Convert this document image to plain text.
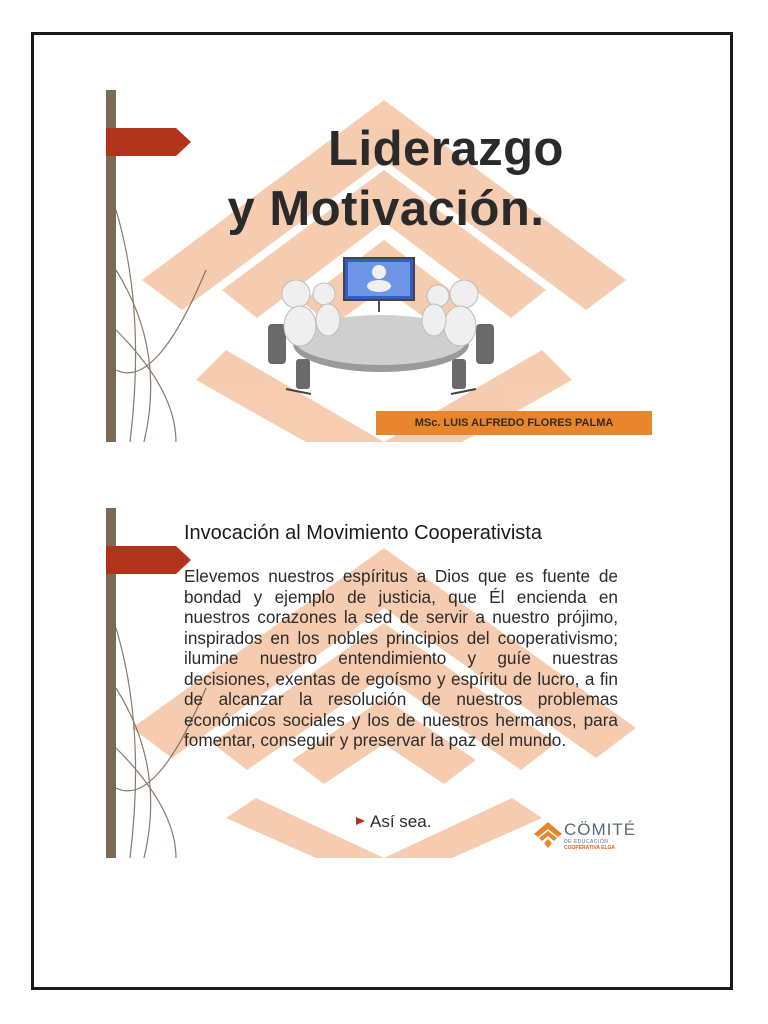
Liderazgo
y Motivación.
MSc. LUIS ALFREDO FLORES PALMA
Invocación al Movimiento Cooperativista
Elevemos nuestros espíritus a Dios que es fuente de bondad y ejemplo de justicia, que Él encienda en nuestros corazones la sed de servir a nuestro prójimo, inspirados en los nobles principios del cooperativismo; ilumine nuestro entendimiento y guíe nuestras decisiones, exentas de egoísmo y espíritu de lucro, a fin de alcanzar la resolución de nuestros problemas económicos sociales y los de nuestros hermanos, para fomentar, conseguir y preservar la paz del mundo.
Así sea.	CÖMITÉ
DE EDUCACIÓN
COOPERATIVA ELGA
